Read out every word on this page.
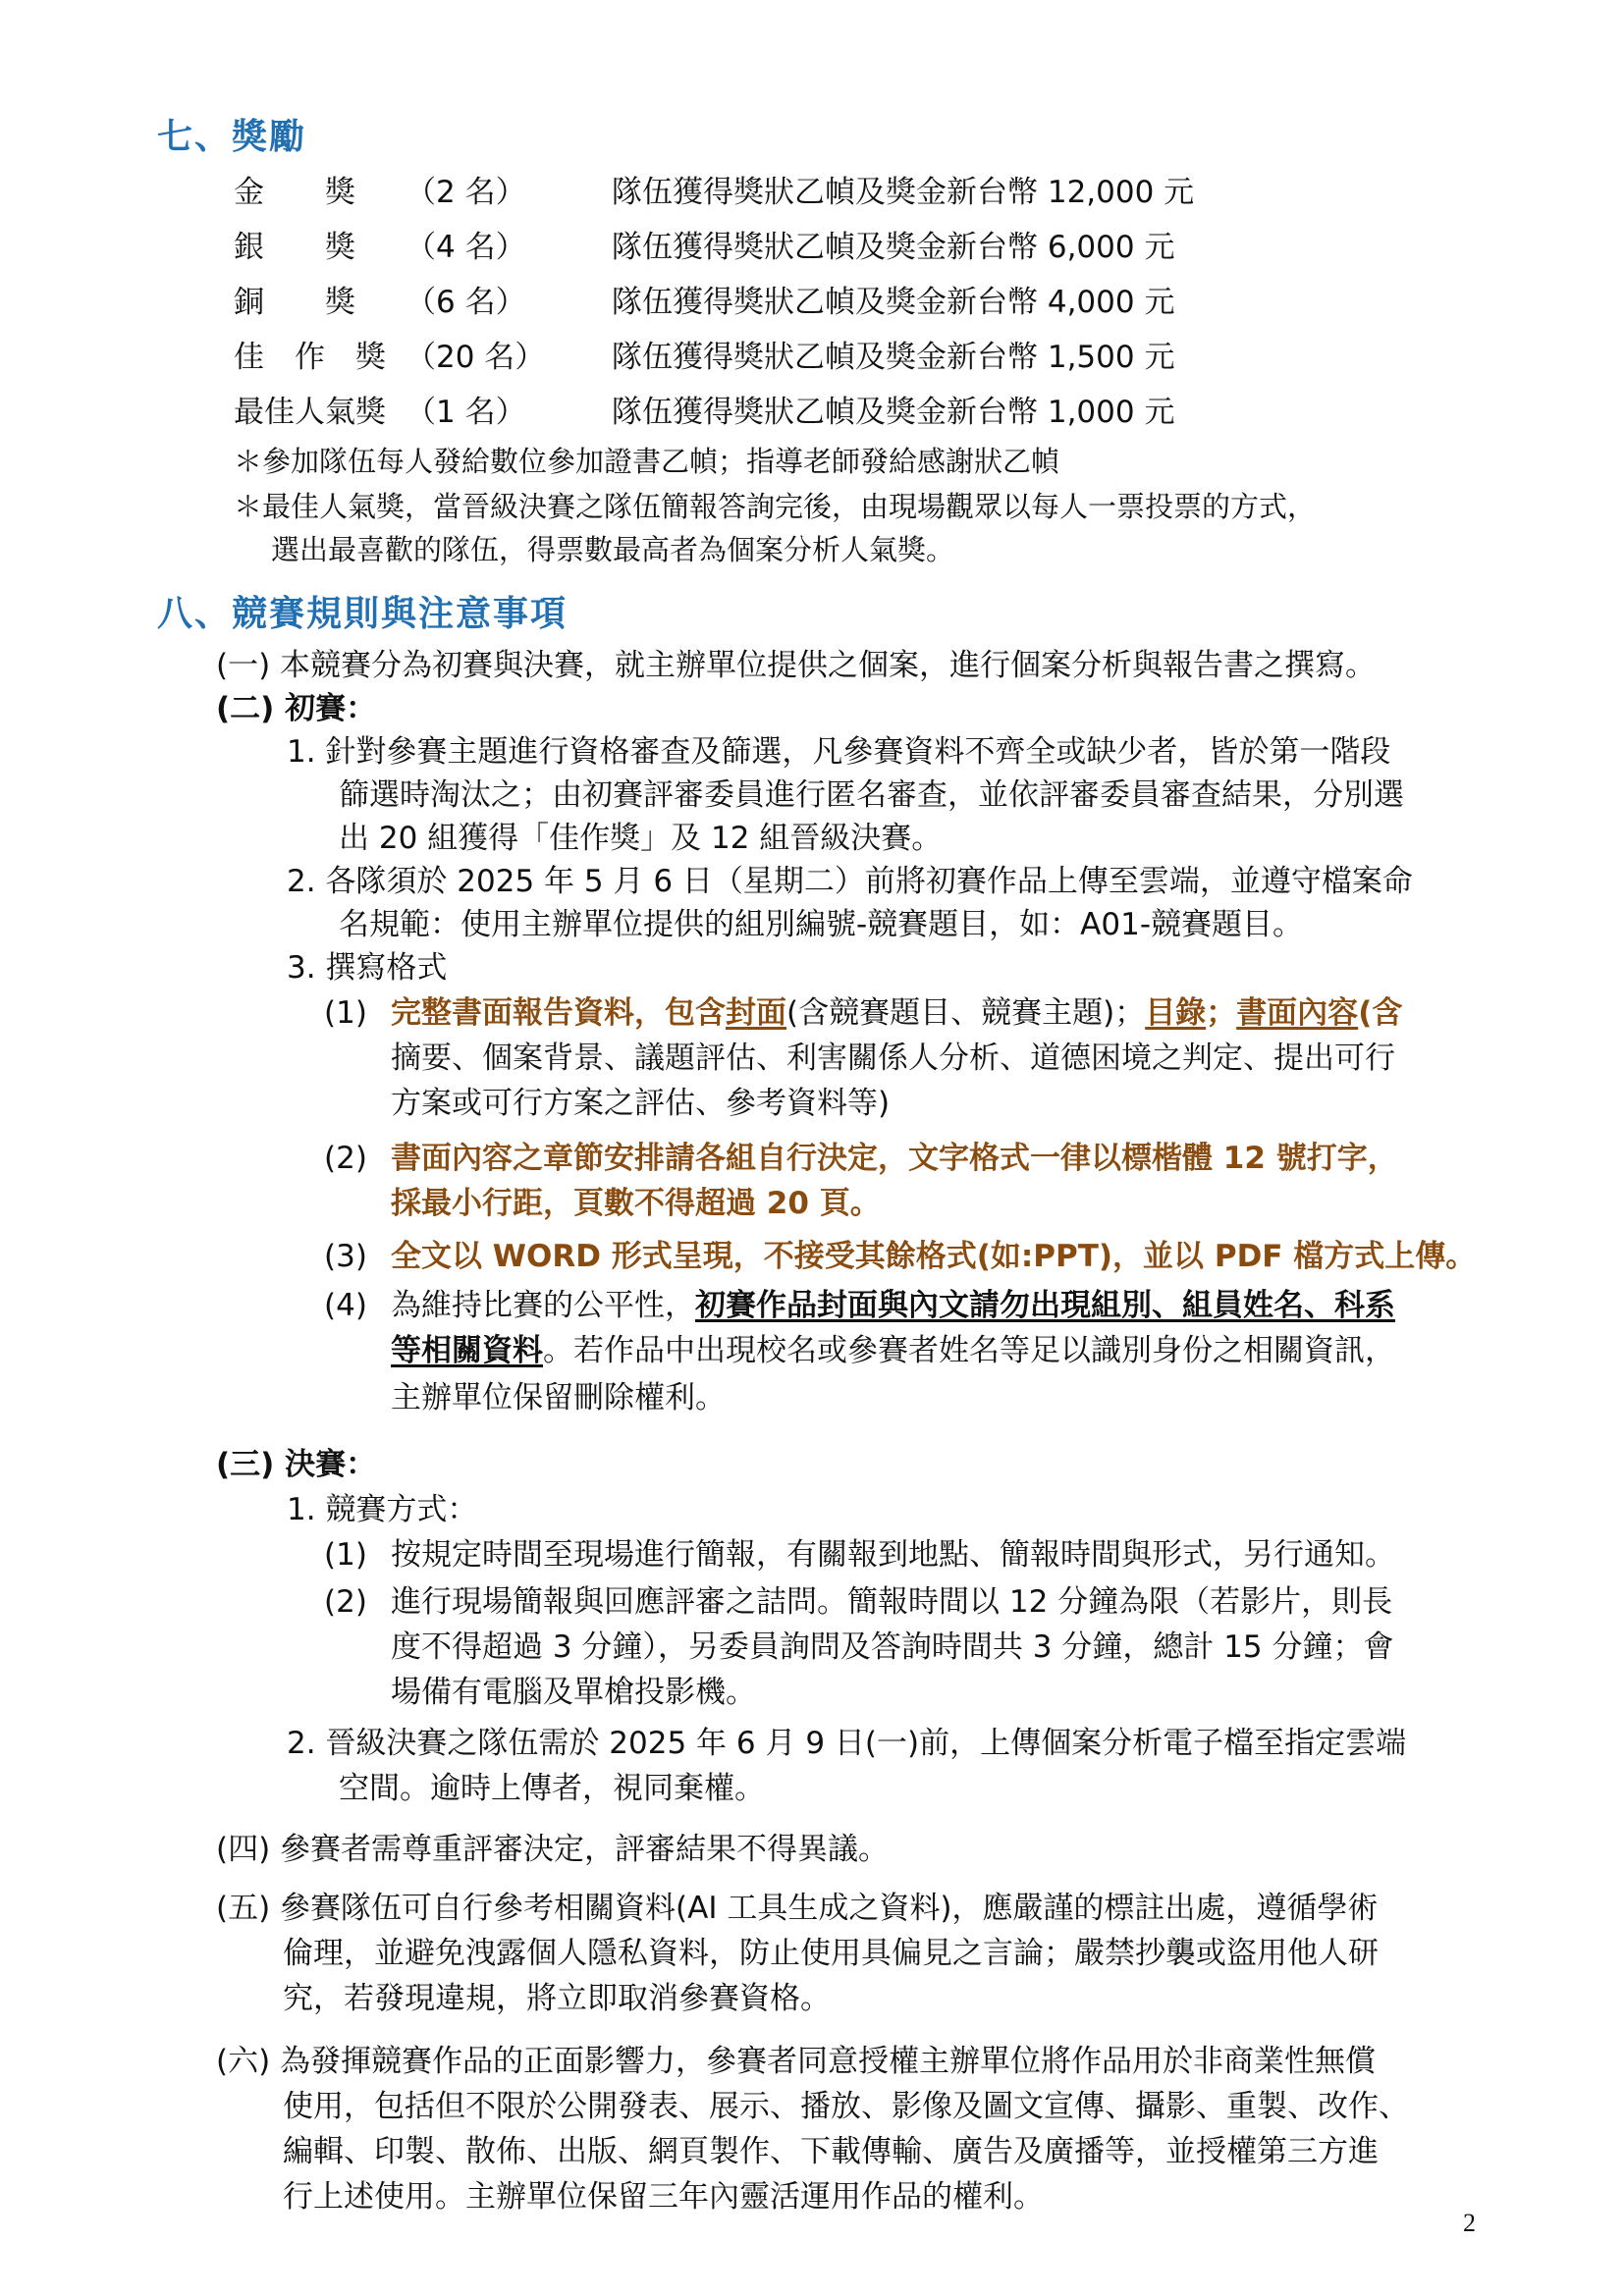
七、獎勵
金　　獎 （2 名）	隊伍獲得獎狀乙幀及獎金新台幣 12,000 元
銀　　獎 （4 名）	隊伍獲得獎狀乙幀及獎金新台幣 6,000 元
銅　　獎 （6 名）	隊伍獲得獎狀乙幀及獎金新台幣 4,000 元
佳　作　獎 （20 名） 隊伍獲得獎狀乙幀及獎金新台幣 1,500 元
最佳人氣獎 （1 名）	隊伍獲得獎狀乙幀及獎金新台幣 1,000 元
＊參加隊伍每人發給數位參加證書乙幀；指導老師發給感謝狀乙幀
＊最佳人氣獎，當晉級決賽之隊伍簡報答詢完後，由現場觀眾以每人一票投票的方式，
選出最喜歡的隊伍，得票數最高者為個案分析人氣獎。
八、競賽規則與注意事項
(一) 本競賽分為初賽與決賽，就主辦單位提供之個案，進行個案分析與報告書之撰寫。
(二) 初賽：
1. 針對參賽主題進行資格審查及篩選，凡參賽資料不齊全或缺少者，皆於第一階段
篩選時淘汰之；由初賽評審委員進行匿名審查，並依評審委員審查結果，分別選
出 20 組獲得「佳作獎」及 12 組晉級決賽。
2. 各隊須於 2025 年 5 月 6 日（星期二）前將初賽作品上傳至雲端，並遵守檔案命
名規範：使用主辦單位提供的組別編號-競賽題目，如：A01-競賽題目。
3. 撰寫格式
(1) 完整書面報告資料，包含封面(含競賽題目、競賽主題)；目錄；書面內容(含
摘要、個案背景、議題評估、利害關係人分析、道德困境之判定、提出可行
方案或可行方案之評估、參考資料等)
(2) 書面內容之章節安排請各組自行決定，文字格式一律以標楷體 12 號打字，
採最小行距，頁數不得超過 20 頁。
(3) 全文以 WORD 形式呈現，不接受其餘格式(如:PPT)，並以 PDF 檔方式上傳。
(4) 為維持比賽的公平性，初賽作品封面與內文請勿出現組別、組員姓名、科系
等相關資料。若作品中出現校名或參賽者姓名等足以識別身份之相關資訊，
主辦單位保留刪除權利。
(三) 決賽：
1. 競賽方式：
(1) 按規定時間至現場進行簡報，有關報到地點、簡報時間與形式，另行通知。
(2) 進行現場簡報與回應評審之詰問。簡報時間以 12 分鐘為限（若影片，則長
度不得超過 3 分鐘），另委員詢問及答詢時間共 3 分鐘，總計 15 分鐘；會
場備有電腦及單槍投影機。
2. 晉級決賽之隊伍需於 2025 年 6 月 9 日(一)前，上傳個案分析電子檔至指定雲端
空間。逾時上傳者，視同棄權。
(四) 參賽者需尊重評審決定，評審結果不得異議。
(五) 參賽隊伍可自行參考相關資料(AI 工具生成之資料)，應嚴謹的標註出處，遵循學術
倫理，並避免洩露個人隱私資料，防止使用具偏見之言論；嚴禁抄襲或盜用他人研
究，若發現違規，將立即取消參賽資格。
(六) 為發揮競賽作品的正面影響力，參賽者同意授權主辦單位將作品用於非商業性無償
使用，包括但不限於公開發表、展示、播放、影像及圖文宣傳、攝影、重製、改作、
編輯、印製、散佈、出版、網頁製作、下載傳輸、廣告及廣播等，並授權第三方進
行上述使用。主辦單位保留三年內靈活運用作品的權利。
2
